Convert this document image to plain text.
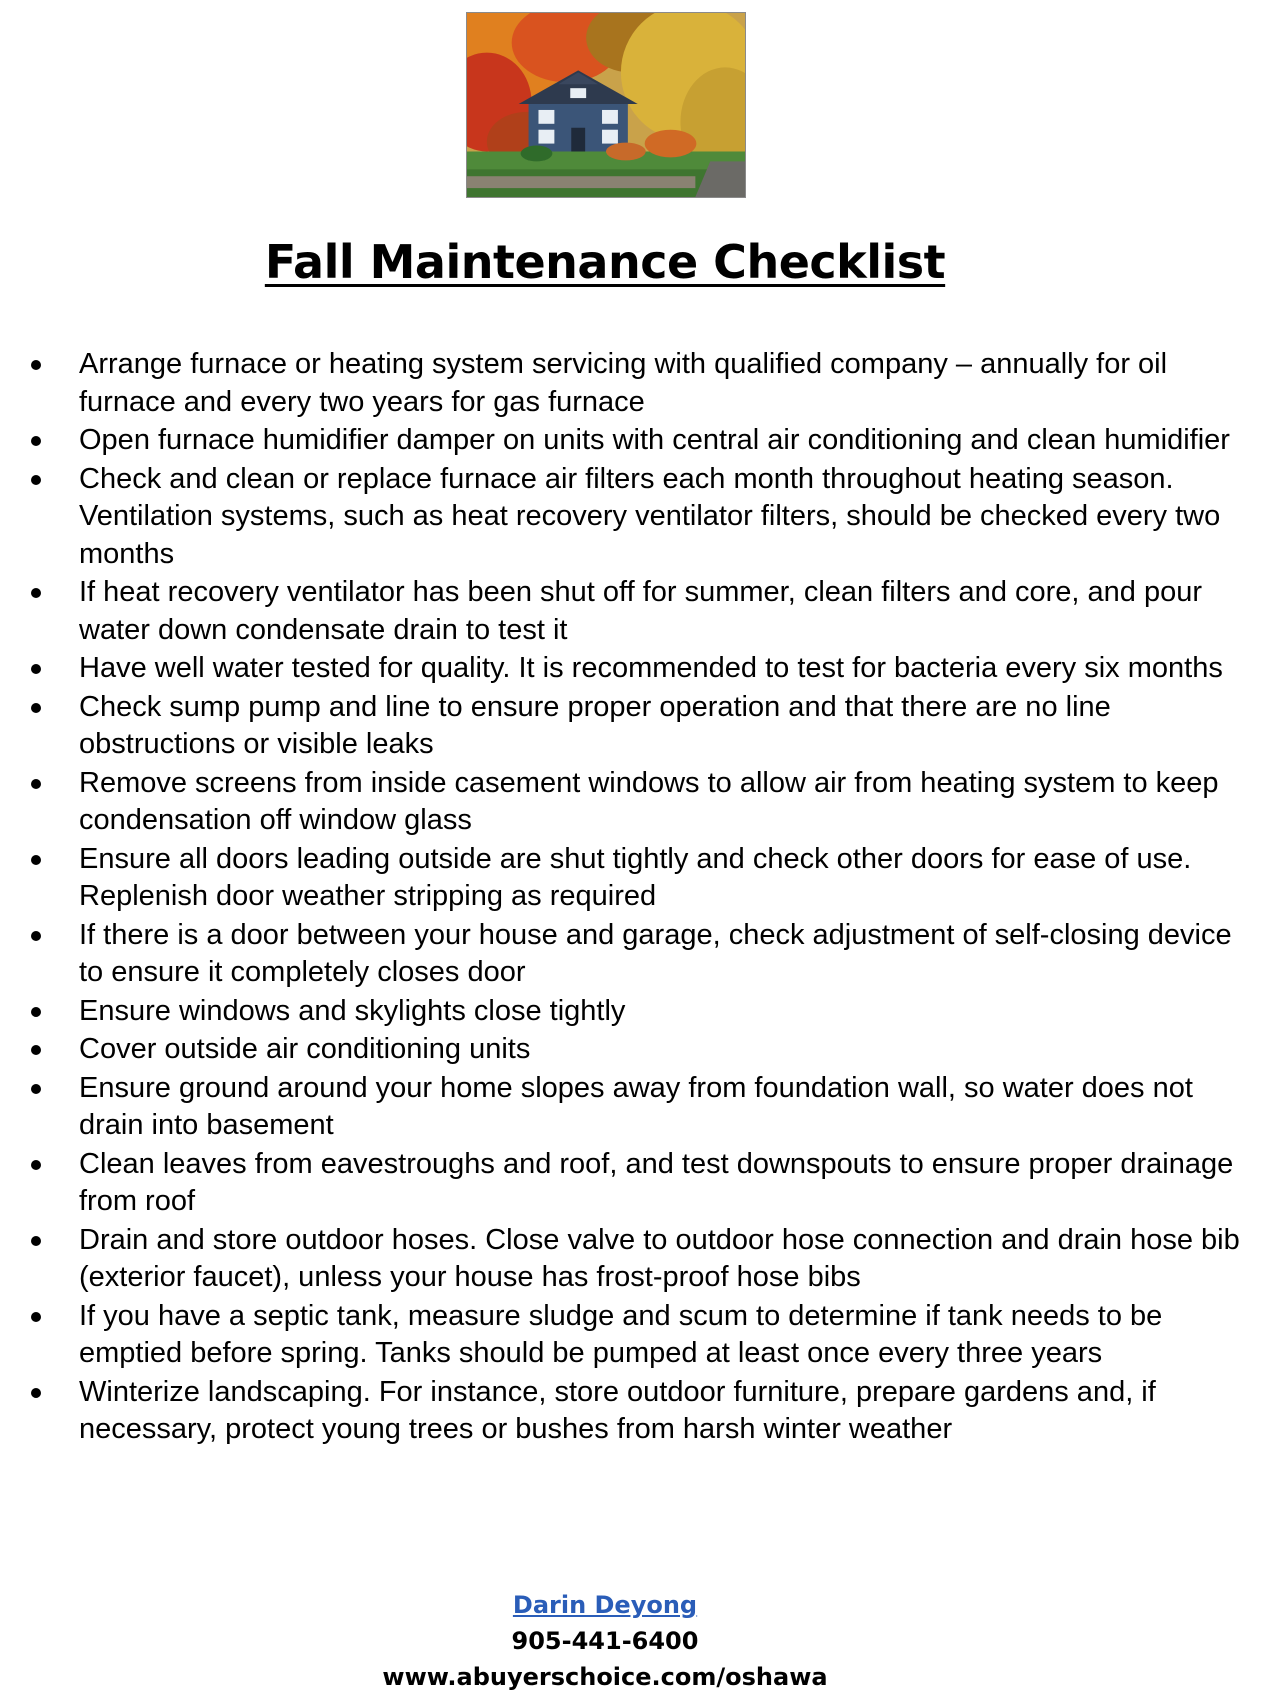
Fall Maintenance Checklist
Arrange furnace or heating system servicing with qualified company – annually for oil furnace and every two years for gas furnace
Open furnace humidifier damper on units with central air conditioning and clean humidifier
Check and clean or replace furnace air filters each month throughout heating season. Ventilation systems, such as heat recovery ventilator filters, should be checked every two months
If heat recovery ventilator has been shut off for summer, clean filters and core, and pour water down condensate drain to test it
Have well water tested for quality. It is recommended to test for bacteria every six months
Check sump pump and line to ensure proper operation and that there are no line obstructions or visible leaks
Remove screens from inside casement windows to allow air from heating system to keep condensation off window glass
Ensure all doors leading outside are shut tightly and check other doors for ease of use. Replenish door weather stripping as required
If there is a door between your house and garage, check adjustment of self-closing device to ensure it completely closes door
Ensure windows and skylights close tightly
Cover outside air conditioning units
Ensure ground around your home slopes away from foundation wall, so water does not drain into basement
Clean leaves from eavestroughs and roof, and test downspouts to ensure proper drainage from roof
Drain and store outdoor hoses. Close valve to outdoor hose connection and drain hose bib (exterior faucet), unless your house has frost-proof hose bibs
If you have a septic tank, measure sludge and scum to determine if tank needs to be emptied before spring. Tanks should be pumped at least once every three years
Winterize landscaping. For instance, store outdoor furniture, prepare gardens and, if necessary, protect young trees or bushes from harsh winter weather
Darin Deyong
905-441-6400
www.abuyerschoice.com/oshawa
